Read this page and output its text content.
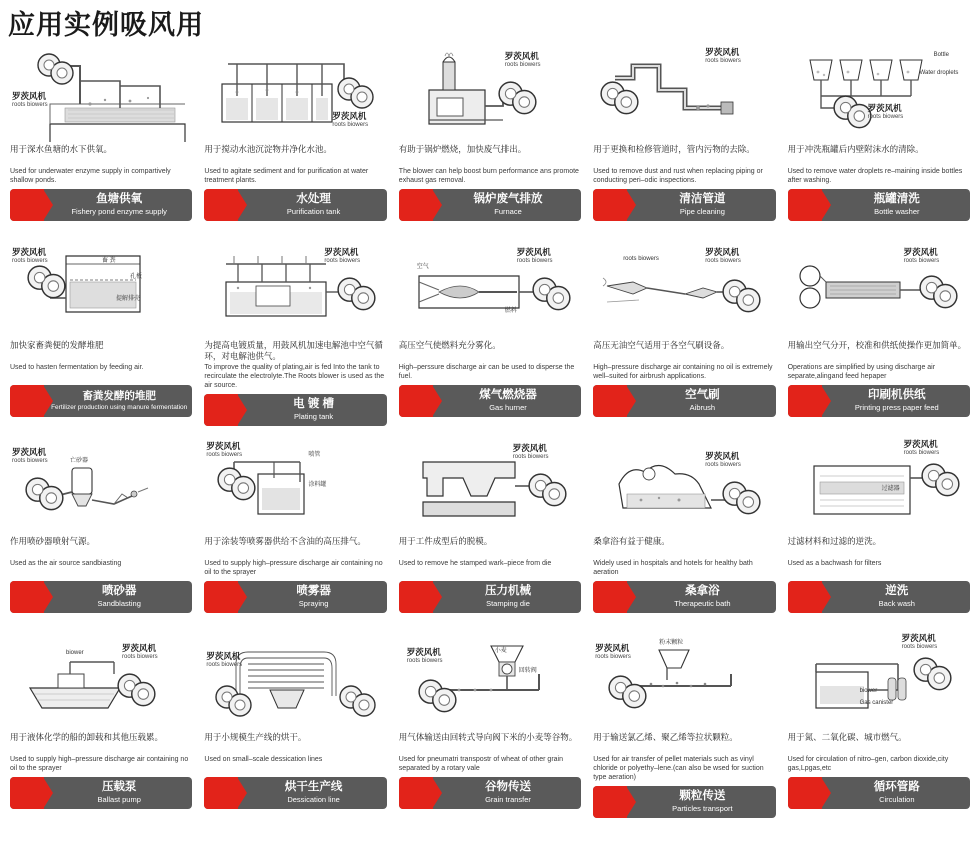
应用实例吸风用
罗茨风机
roots biowers
用于深水鱼塘的水下供氧。
Used for underwater enzyme supply in compartively shallow ponds.
鱼塘供氧
Fishery pond enzyme supply
罗茨风机
roots biowers
用于搅动水池沉淀物并净化水池。
Used to agitate sediment and for purification at water treatment plants.
水处理
Purification tank
罗茨风机
roots biowers
有助于锅炉燃烧，加快废气排出。
The blower can help boost burn performance ans promote exhaust gas removal.
锅炉废气排放
Furnace
罗茨风机
roots biowers
用于更换和检修管道时，管内污物的去除。
Used to remove dust and rust when replacing piping or conducting peri–odic inspections.
清洁管道
Pipe cleaning
Bottle
Water droplets
罗茨风机
roots biowers
用于冲洗瓶罐后内壁附沫水的清除。
Used to remove water droplets re–maining inside bottles after washing.
瓶罐清洗
Bottle washer
畜 粪
孔板
提解排壳
罗茨风机
roots biowers
加快家畜粪便的发酵堆肥
Used to hasten fermentation by feeding air.
畜粪发酵的堆肥
Fertilizer production using manure fermentation
罗茨风机
roots biowers
为提高电镀质量，用鼓风机加速电解池中空气循环，对电解池供气。
To improve the quality of plating,air is fed Into the tank to recirculate the electrolyte.The Roots blower is used as the air source.
电 镀 槽
Plating tank
空气
燃料
罗茨风机
roots biowers
高压空气使燃料充分雾化。
High–perssure discharge air can be used to disperse the fuel.
煤气燃烧器
Gas hurner
roots biowers
罗茨风机
roots biowers
高压无油空气适用于各空气刷设备。
High–pressure discharge air containing no oil is extremely well–suited for airbrush applications.
空气刷
Aibrush
罗茨风机
roots biowers
用输出空气分开，校准和供纸使操作更加简单。
Operations are simplified by using discharge air separate,alingand feed hepaper
印刷机供纸
Printing press paper feed
亡砂器
罗茨风机
roots biowers
作用喷砂器喷射气源。
Used as the air source sandbiasting
喷砂器
Sandblasting
喷管
涂料罐
罗茨风机
roots biowers
用于涂装等喷雾器供给不含油的高压排气。
Used to supply high–pressure discharge air containing no oil to the sprayer
喷雾器
Spraying
罗茨风机
roots biowers
用于工件成型后的脱模。
Used to remove he stamped wark–piece from die
压力机械
Stamping die
罗茨风机
roots biowers
桑拿浴有益于健康。
Widely used in hospitals and hotels for healthy bath aeration
桑拿浴
Therapeutic bath
过滤器
罗茨风机
roots biowers
过滤材料和过滤的逆洗。
Used as a bachwash for filters
逆洗
Back wash
biower	罗茨风机
roots biowers
用于液体化学的船的卸载和其他压载累。
Used to supply high–pressure discharge air containing no oil to the sprayer
压载泵
Ballast pump
罗茨风机
roots biowers
用于小规模生产线的烘干。
Used on small–scale dessication lines
烘干生产线
Dessication line
小麦
回转阀
罗茨风机
roots biowers
用气体输送由回转式导向阀下米的小麦等谷物。
Used for pneumatri transpostr of wheat of other grain separated by a rotary vale
谷物传送
Grain transfer
粉末颗粒
罗茨风机
roots biowers
用于输送氯乙烯、聚乙烯等拉状颗粒。
Used for air transfer of pellet materials such as vinyl chloride or polyethy–lene.(can also be wsed for suction type aeration)
颗粒传送
Particles transport
biower
Gas canister
罗茨风机
roots biowers
用于氮、二氧化碳、城市燃气。
Used for circulation of nitro–gen, carbon dioxide,city gas,Lpgas,etc
循环管路
Circulation
